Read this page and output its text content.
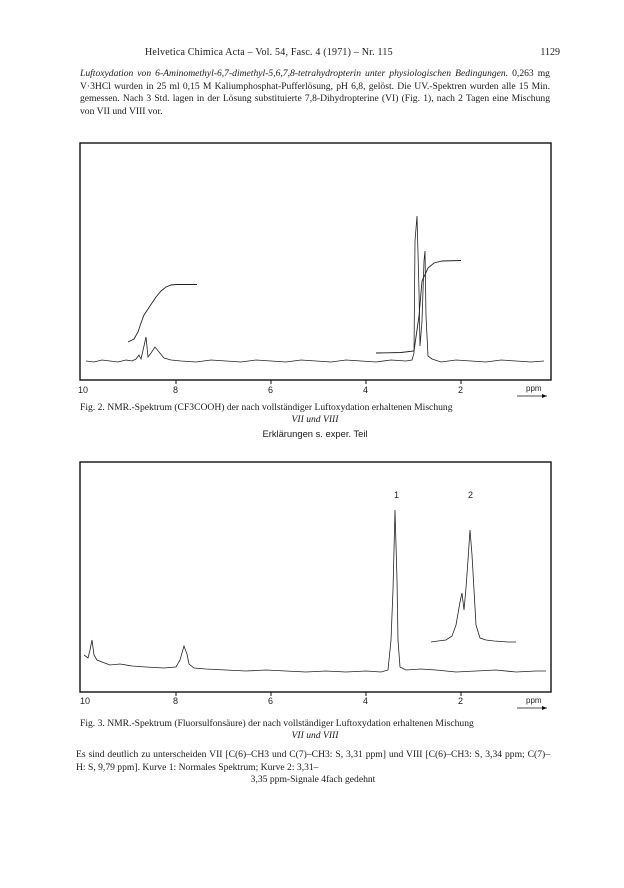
Helvetica Chimica Acta – Vol. 54, Fasc. 4 (1971) – Nr. 115	1129
Luftoxydation von 6-Aminomethyl-6,7-dimethyl-5,6,7,8-tetrahydropterin unter physiologischen Bedingungen. 0,263 mg V·3HCl wurden in 25 ml 0,15 M Kaliumphosphat-Pufferlösung, pH 6,8, gelöst. Die UV.-Spektren wurden alle 15 Min. gemessen. Nach 3 Std. lagen in der Lösung substituierte 7,8-Dihydropterine (VI) (Fig. 1), nach 2 Tagen eine Mischung von VII und VIII vor.
10	8	6	4	2	ppm
Fig. 2. NMR.-Spektrum (CF3COOH) der nach vollständiger Luftoxydation erhaltenen Mischung
VII und VIII
Erklärungen s. exper. Teil
1	2
10	8	6	4	2	ppm
Fig. 3. NMR.-Spektrum (Fluorsulfonsäure) der nach vollständiger Luftoxydation erhaltenen Mischung
VII und VIII
Es sind deutlich zu unterscheiden VII [C(6)–CH3 und C(7)–CH3: S, 3,31 ppm] und VIII [C(6)–CH3: S, 3,34 ppm; C(7)–H: S, 9,79 ppm]. Kurve 1: Normales Spektrum; Kurve 2: 3,31–
3,35 ppm-Signale 4fach gedehnt
